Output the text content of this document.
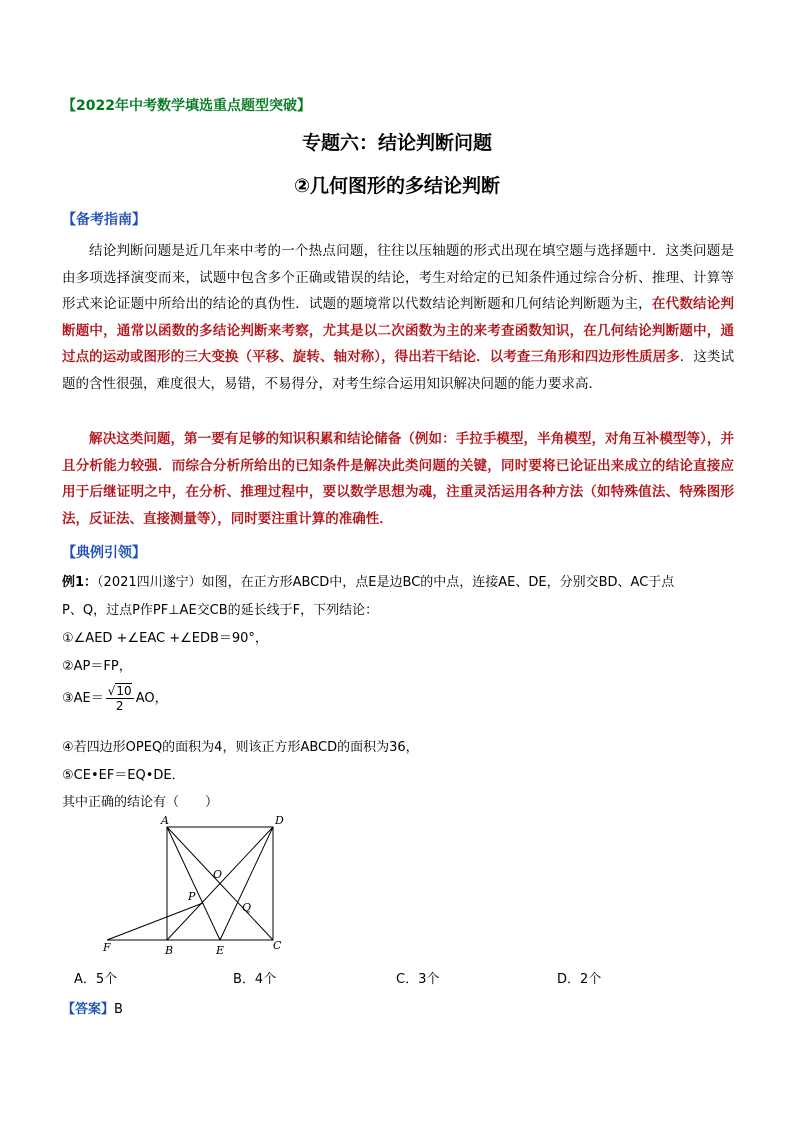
【2022年中考数学填选重点题型突破】
专题六：结论判断问题
②几何图形的多结论判断
【备考指南】
结论判断问题是近几年来中考的一个热点问题，往往以压轴题的形式出现在填空题与选择题中．这类问题是由多项选择演变而来，试题中包含多个正确或错误的结论，考生对给定的已知条件通过综合分析、推理、计算等形式来论证题中所给出的结论的真伪性．试题的题境常以代数结论判断题和几何结论判断题为主，在代数结论判断题中，通常以函数的多结论判断来考察，尤其是以二次函数为主的来考查函数知识，在几何结论判断题中，通过点的运动或图形的三大变换（平移、旋转、轴对称），得出若干结论．以考查三角形和四边形性质居多．这类试题的含性很强，难度很大，易错，不易得分，对考生综合运用知识解决问题的能力要求高．
解决这类问题，第一要有足够的知识积累和结论储备（例如：手拉手模型，半角模型，对角互补模型等），并且分析能力较强．而综合分析所给出的已知条件是解决此类问题的关键，同时要将已论证出来成立的结论直接应用于后继证明之中，在分析、推理过程中，要以数学思想为魂，注重灵活运用各种方法（如特殊值法、特殊图形法，反证法、直接测量等），同时要注重计算的准确性．
【典例引领】
例1：（2021四川遂宁）如图，在正方形ABCD中，点E是边BC的中点，连接AE、DE，分别交BD、AC于点
P、Q，过点P作PF⊥AE交CB的延长线于F，下列结论：
①∠AED +∠EAC +∠EDB＝90°，
②AP＝FP，
③AE＝ $\frac{√10}{2}$ AO，
④若四边形OPEQ的面积为4，则该正方形ABCD的面积为36，
⑤CE•EF＝EQ•DE．
其中正确的结论有（　　）
A	D
B	C
E
F
O
P
Q
A．5个	B．4个	C．3个	D．2个
【答案】B
